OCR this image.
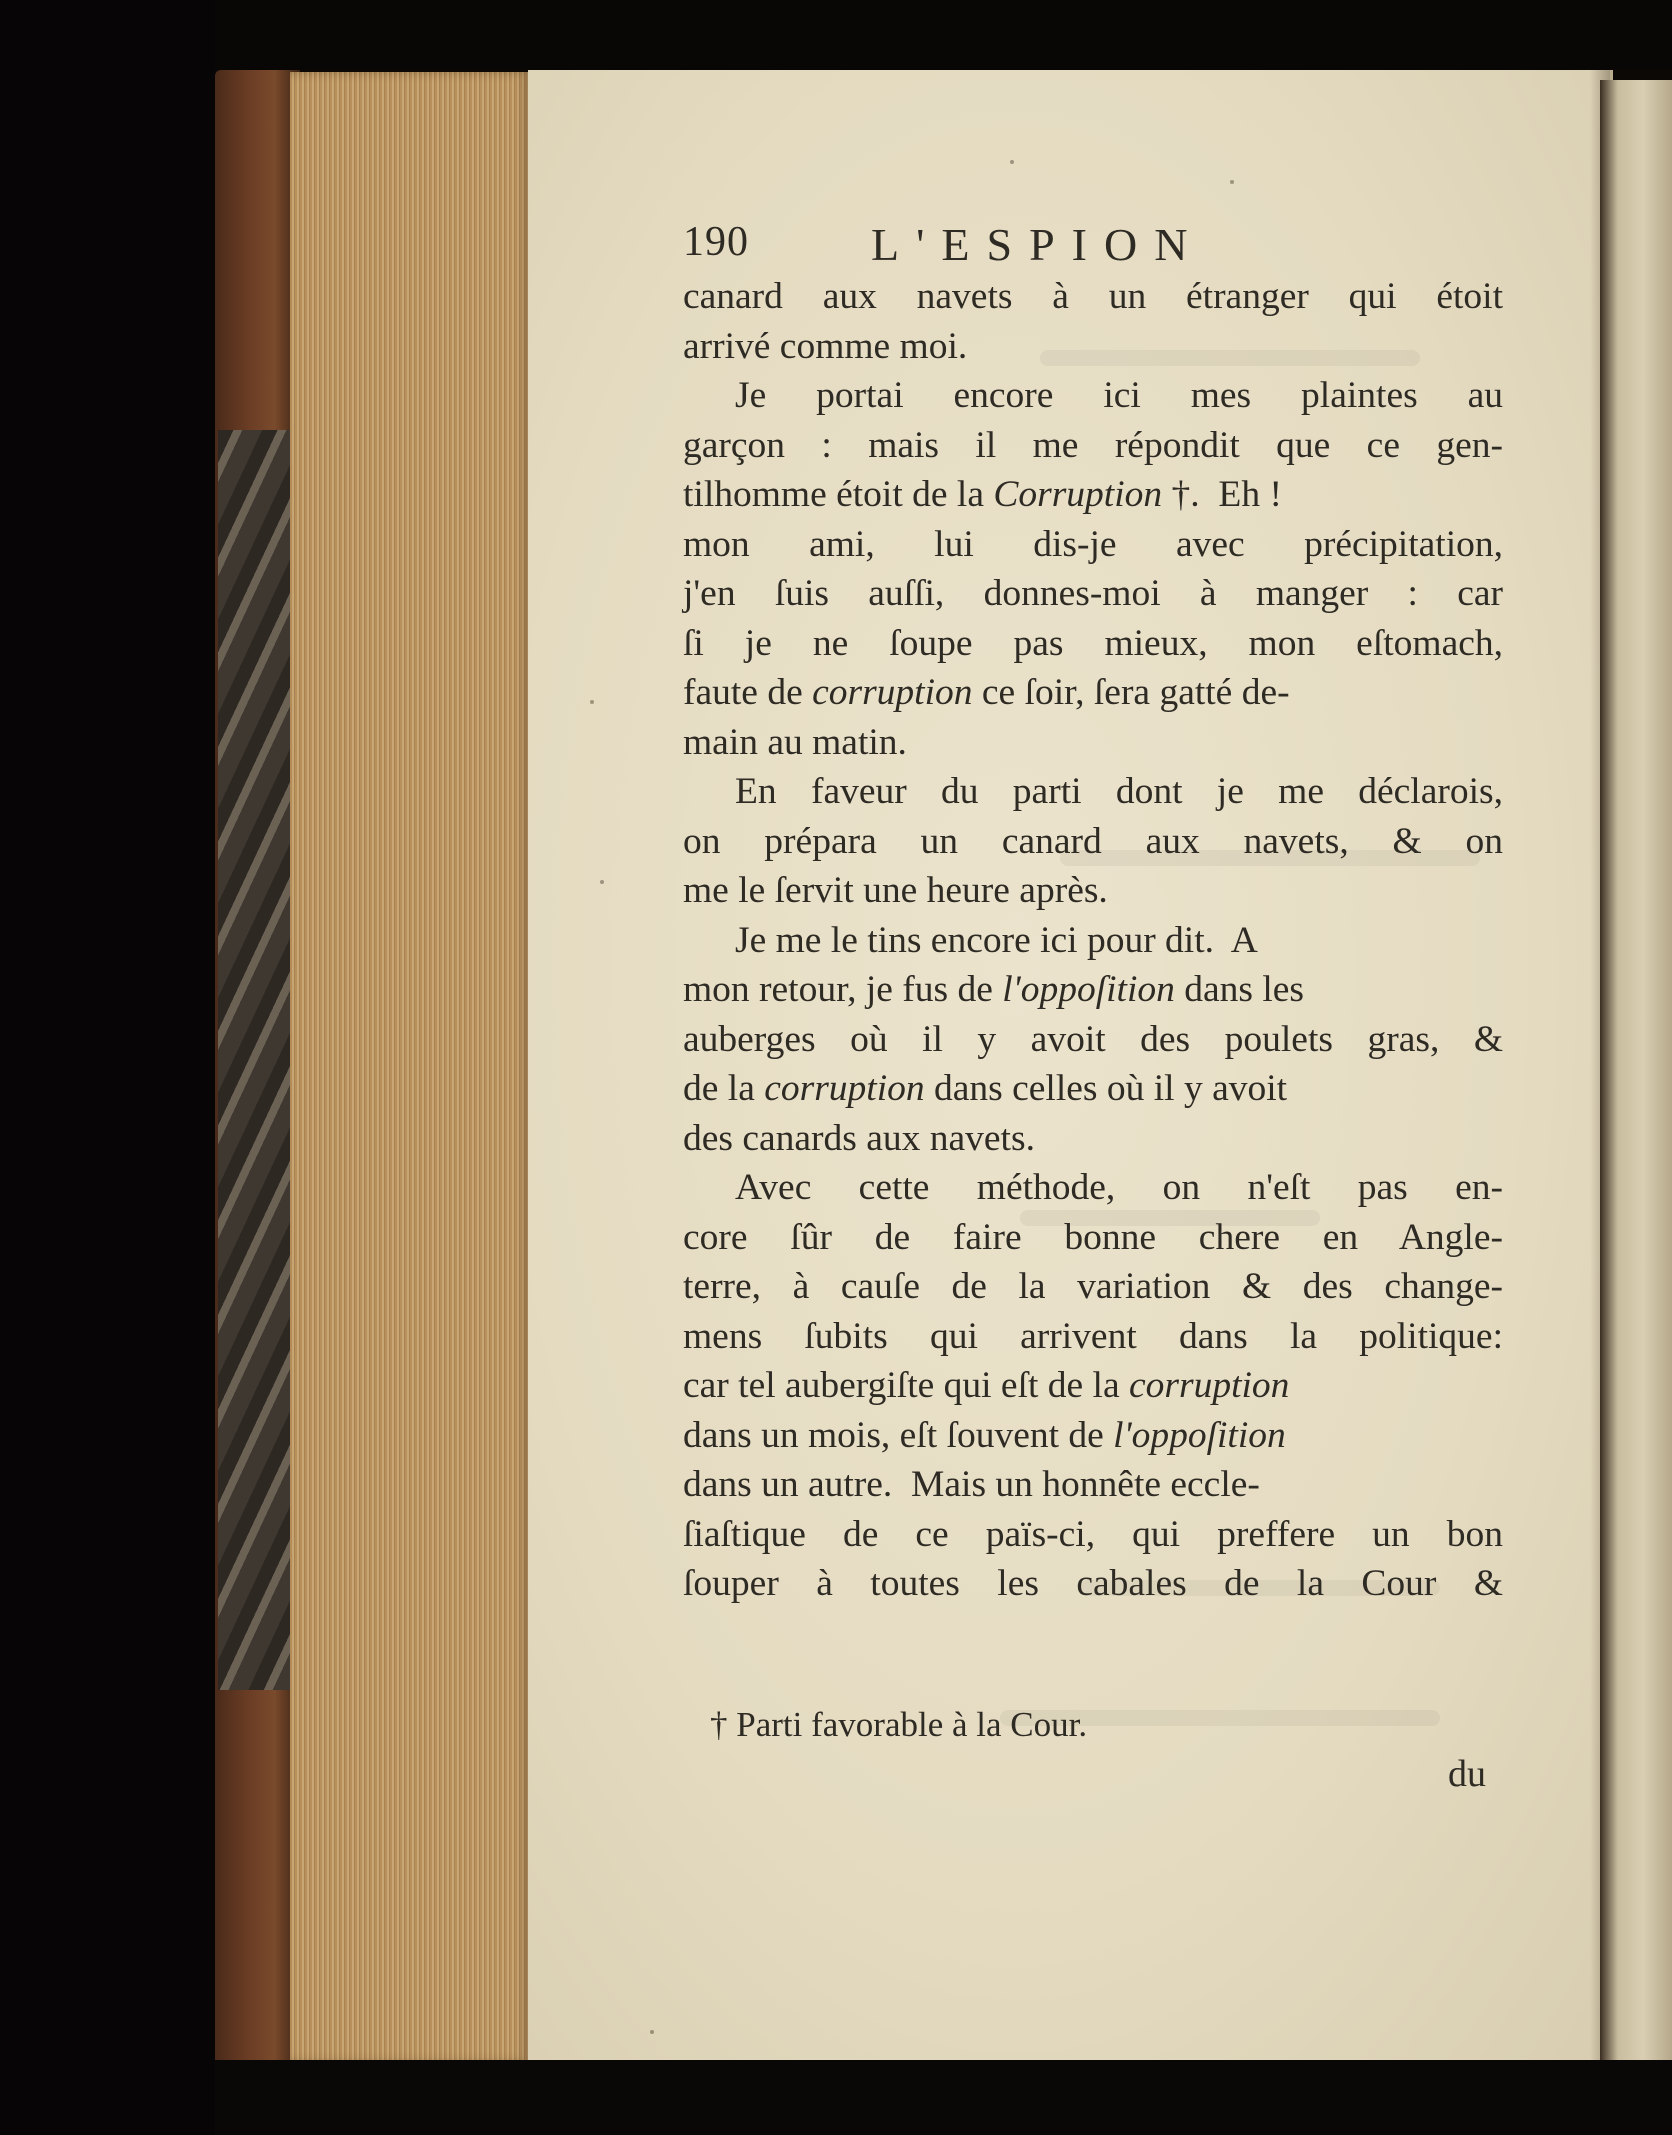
190	L'ESPION
canard aux navets à un étranger qui étoit
arrivé comme moi.
Je portai encore ici mes plaintes au
garçon : mais il me répondit que ce gen-
tilhomme étoit de la Corruption †.  Eh !
mon ami, lui dis-je avec précipitation,
j'en ſuis auſſi, donnes-moi à manger : car
ſi je ne ſoupe pas mieux, mon eſtomach,
faute de corruption ce ſoir, ſera gatté de-
main au matin.
En faveur du parti dont je me déclarois,
on prépara un canard aux navets, & on
me le ſervit une heure après.
Je me le tins encore ici pour dit.  A
mon retour, je fus de l'oppoſition dans les
auberges où il y avoit des poulets gras, &
de la corruption dans celles où il y avoit
des canards aux navets.
Avec cette méthode, on n'eſt pas en-
core ſûr de faire bonne chere en Angle-
terre, à cauſe de la variation & des change-
mens ſubits qui arrivent dans la politique:
car tel aubergiſte qui eſt de la corruption
dans un mois, eſt ſouvent de l'oppoſition
dans un autre.  Mais un honnête eccle-
ſiaſtique de ce païs-ci, qui preffere un bon
ſouper à toutes les cabales de la Cour &
† Parti favorable à la Cour.
du
